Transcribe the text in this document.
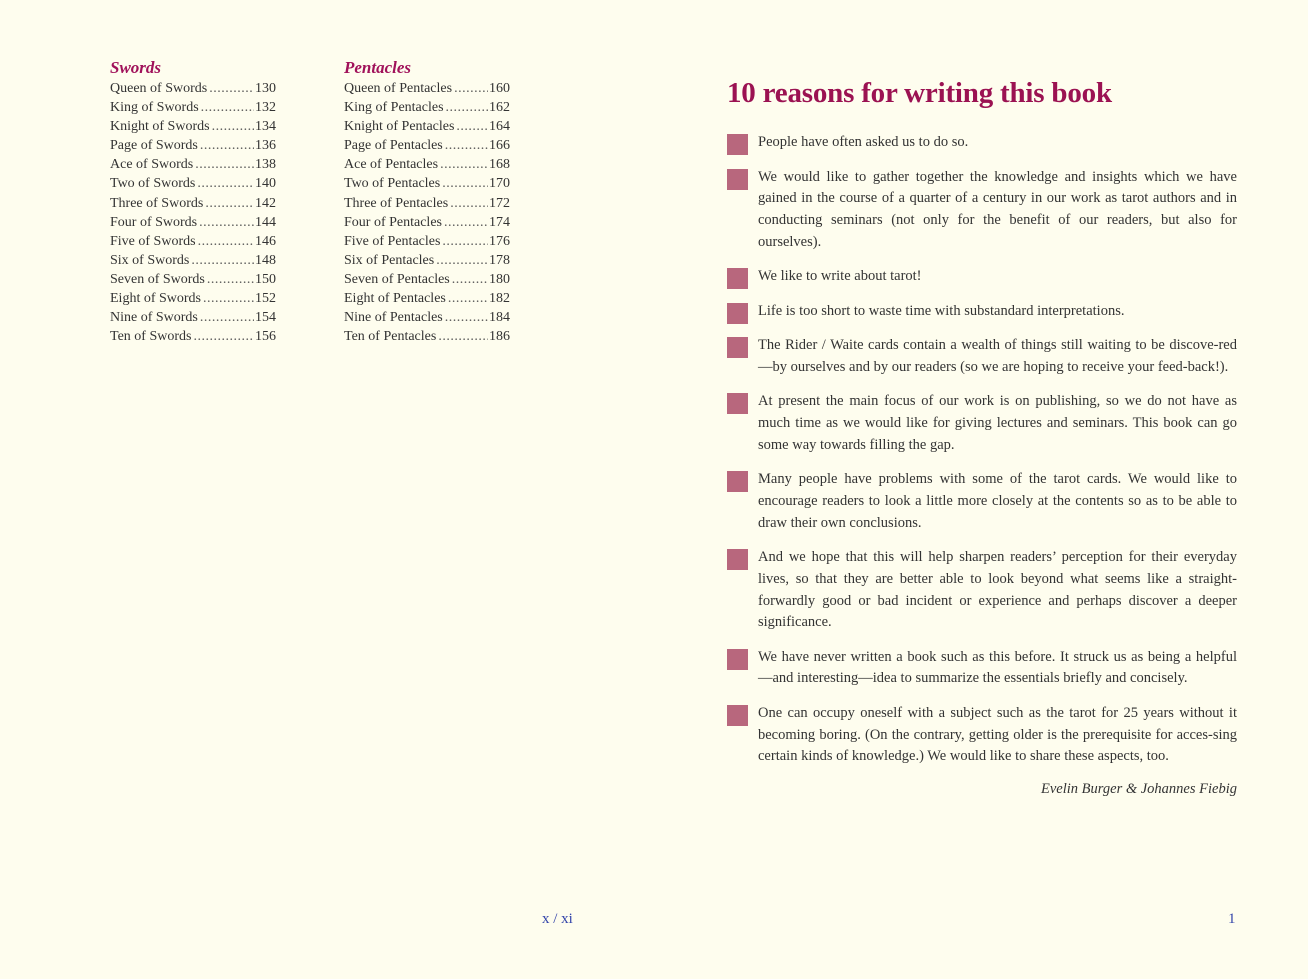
Swords
Queen of Swords .....	130
King of Swords .....	132
Knight of Swords .....	134
Page of Swords .....	136
Ace of Swords .....	138
Two of Swords .....	140
Three of Swords .....	142
Four of Swords .....	144
Five of Swords .....	146
Six of Swords .....	148
Seven of Swords .....	150
Eight of Swords .....	152
Nine of Swords .....	154
Ten of Swords .....	156
Pentacles
Queen of Pentacles .....	160
King of Pentacles .....	162
Knight of Pentacles ..... 164
Page of Pentacles .....	166
Ace of Pentacles .....	168
Two of Pentacles .....	170
Three of Pentacles .....	172
Four of Pentacles .....	174
Five of Pentacles .....	176
Six of Pentacles .....	178
Seven of Pentacles .....	180
Eight of Pentacles .....	182
Nine of Pentacles .....	184
Ten of Pentacles .....	186
10 reasons for writing this book
People have often asked us to do so.
We would like to gather together the knowledge and insights which we have gained in the course of a quarter of a century in our work as tarot authors and in conducting seminars (not only for the benefit of our readers, but also for ourselves).
We like to write about tarot!
Life is too short to waste time with substandard interpretations.
The Rider / Waite cards contain a wealth of things still waiting to be discove-red—by ourselves and by our readers (so we are hoping to receive your feed-back!).
At present the main focus of our work is on publishing, so we do not have as much time as we would like for giving lectures and seminars. This book can go some way towards filling the gap.
Many people have problems with some of the tarot cards. We would like to encourage readers to look a little more closely at the contents so as to be able to draw their own conclusions.
And we hope that this will help sharpen readers’ perception for their everyday lives, so that they are better able to look beyond what seems like a straight-forwardly good or bad incident or experience and perhaps discover a deeper significance.
We have never written a book such as this before. It struck us as being a helpful —and interesting—idea to summarize the essentials briefly and concisely.
One can occupy oneself with a subject such as the tarot for 25 years without it becoming boring. (On the contrary, getting older is the prerequisite for acces-sing certain kinds of knowledge.) We would like to share these aspects, too.
Evelin Burger & Johannes Fiebig
x / xi	1
